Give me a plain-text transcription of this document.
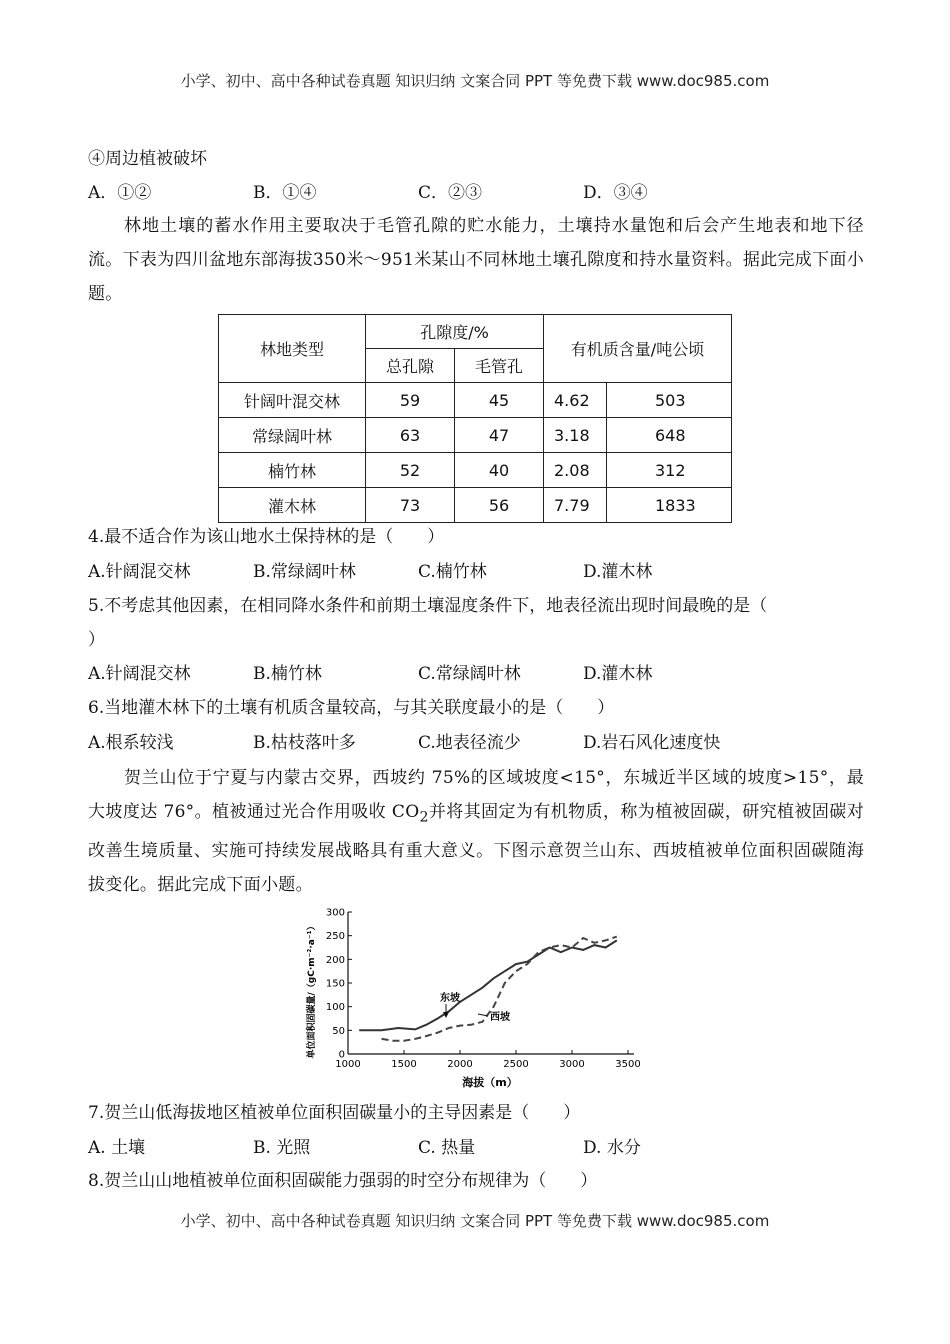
小学、初中、高中各种试卷真题 知识归纳 文案合同 PPT 等免费下载 www.doc985.com
④周边植被破坏
A．①②	B．①④	C．②③	D．③④
林地土壤的蓄水作用主要取决于毛管孔隙的贮水能力，土壤持水量饱和后会产生地表和地下径流。下表为四川盆地东部海拔350米～951米某山不同林地土壤孔隙度和持水量资料。据此完成下面小题。
林地类型	孔隙度/%		有机质含量/吨公顷	
	总孔隙	毛管孔		
针阔叶混交林	59	45	4.62	503
常绿阔叶林	63	47	3.18	648
楠竹林	52	40	2.08	312
灌木林	73	56	7.79	1833
4.最不适合作为该山地水土保持林的是（　　）
A.针阔混交林	B.常绿阔叶林	C.楠竹林	D.灌木林
5.不考虑其他因素，在相同降水条件和前期土壤湿度条件下，地表径流出现时间最晚的是（
）
A.针阔混交林	B.楠竹林	C.常绿阔叶林	D.灌木林
6.当地灌木林下的土壤有机质含量较高，与其关联度最小的是（　　）
A.根系较浅	B.枯枝落叶多	C.地表径流少	D.岩石风化速度快
贺兰山位于宁夏与内蒙古交界，西坡约 75%的区域坡度<15°，东城近半区域的坡度>15°，最大坡度达 76°。植被通过光合作用吸收 $CO_2$并将其固定为有机物质，称为植被固碳，研究植被固碳对改善生境质量、实施可持续发展战略具有重大意义。下图示意贺兰山东、西坡植被单位面积固碳随海拔变化。据此完成下面小题。
0
50
100
150
200
250
300
1000	1500	2000	2500	3000	3500
东坡
西坡
海拔（m）
单位面积固碳量/（gC·m⁻²·a⁻¹）
7.贺兰山低海拔地区植被单位面积固碳量小的主导因素是（　　）
A. 土壤	B. 光照	C. 热量	D. 水分
8.贺兰山山地植被单位面积固碳能力强弱的时空分布规律为（　　）
小学、初中、高中各种试卷真题 知识归纳 文案合同 PPT 等免费下载 www.doc985.com
